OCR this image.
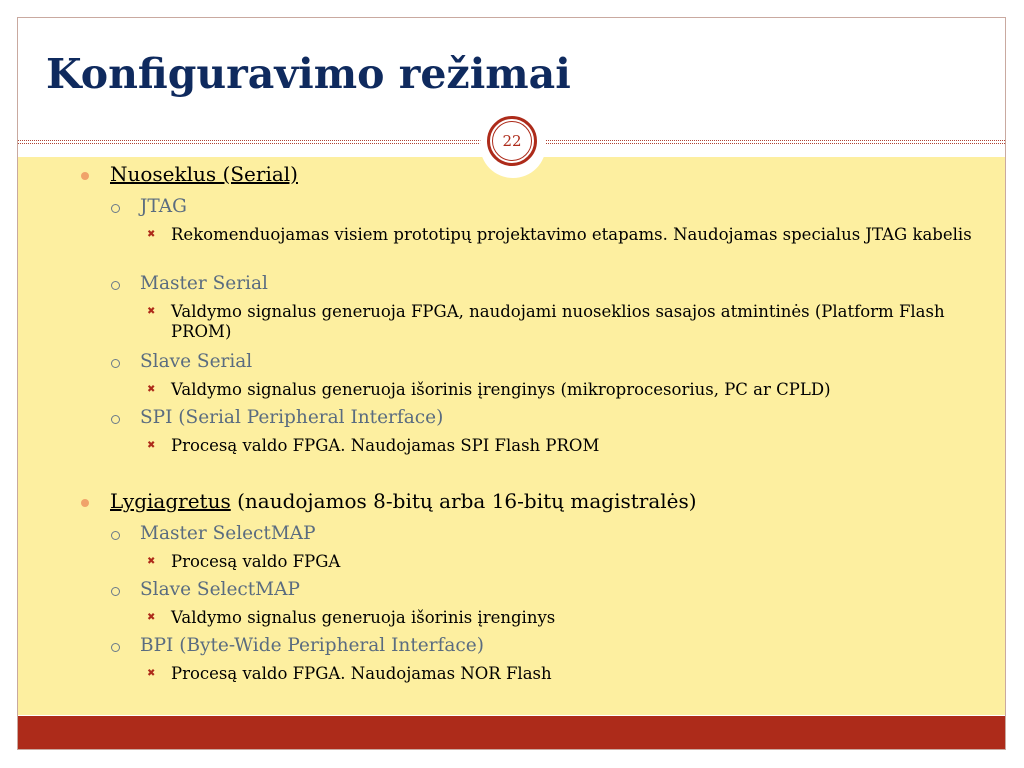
Konfiguravimo režimai
22
Nuoseklus (Serial)
JTAG
✖ Rekomenduojamas visiem prototipų projektavimo etapams. Naudojamas specialus JTAG kabelis
Master Serial
✖ Valdymo signalus generuoja FPGA, naudojami nuoseklios sasajos atmintinės (Platform Flash PROM)
Slave Serial
✖ Valdymo signalus generuoja išorinis įrenginys (mikroprocesorius, PC ar CPLD)
SPI (Serial Peripheral Interface)
✖ Procesą valdo FPGA. Naudojamas SPI Flash PROM
Lygiagretus (naudojamos 8-bitų arba 16-bitų magistralės)
Master SelectMAP
✖ Procesą valdo FPGA
Slave SelectMAP
✖ Valdymo signalus generuoja išorinis įrenginys
BPI (Byte-Wide Peripheral Interface)
✖ Procesą valdo FPGA. Naudojamas NOR Flash
